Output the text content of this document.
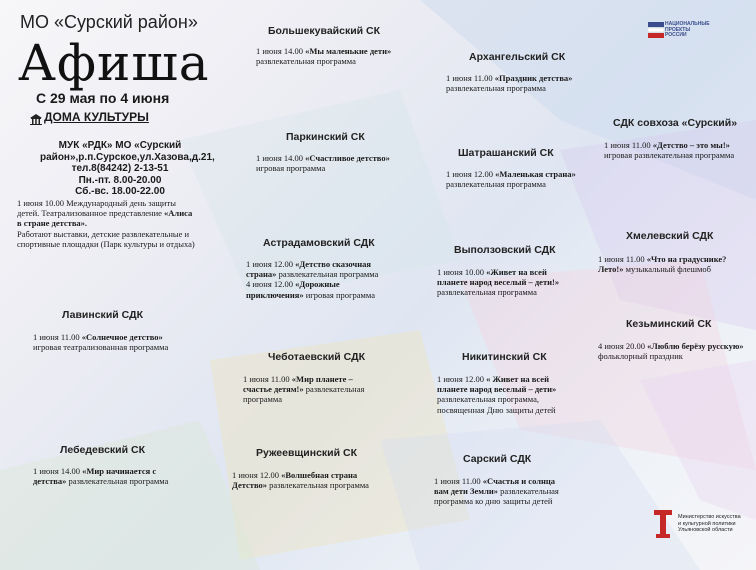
МО «Сурский район»
Афиша
С 29 мая по 4 июня
ДОМА КУЛЬТУРЫ
МУК «РДК» МО «Сурский
район»,р.п.Сурское,ул.Хазова,д.21,
тел.8(84242) 2-13-51
Пн.-пт. 8.00-20.00
Сб.-вс. 18.00-22.00
1 июня 10.00 Международный день защиты детей. Театрализованное представление «Алиса в стране детства».
Работают выставки, детские развлекательные и спортивные площадки (Парк культуры и отдыха)
Лавинский СДК
1 июня 11.00 «Солнечное детство» игровая театрализованная программа
Лебедевский СК
1 июня 14.00 «Мир начинается с детства» развлекательная программа
Большекувайский СК
1 июня 14.00 «Мы маленькие дети» развлекательная программа
Паркинский СК
1 июня 14.00 «Счастливое детство» игровая программа
Астрадамовский СДК
1 июня 12.00 «Детство сказочная страна» развлекательная программа
4 июня 12.00 «Дорожные приключения» игровая программа
Чеботаевский СДК
1 июня 11.00 «Мир планете – счастье детям!» развлекательная программа
Ружеевщинский СК
1 июня 12.00 «Волшебная страна Детство» развлекательная программа
Архангельский СК
1 июня 11.00 «Праздник детства» развлекательная программа
Шатрашанский СК
1 июня 12.00 «Маленькая страна» развлекательная программа
Выползовский СДК
1 июня 10.00 «Живет на всей планете народ веселый – дети!» развлекательная программа
Никитинский СК
1 июня 12.00 « Живет на всей планете народ веселый – дети» развлекательная программа, посвященная Дню защиты детей
Сарский СДК
1 июня 11.00 «Счастья и солнца вам дети Земли» развлекательная программа ко дню защиты детей
СДК совхоза «Сурский»
1 июня 11.00 «Детство – это мы!» игровая развлекательная программа
Хмелевский СДК
1 июня 11.00 «Что на градуснике? Лето!» музыкальный флешмоб
Кезьминский СК
4 июня 20.00 «Люблю берёзу русскую» фольклорный праздник
НАЦИОНАЛЬНЫЕ
ПРОЕКТЫ
РОССИИ
Министерство искусства
и культурной политики
Ульяновской области
